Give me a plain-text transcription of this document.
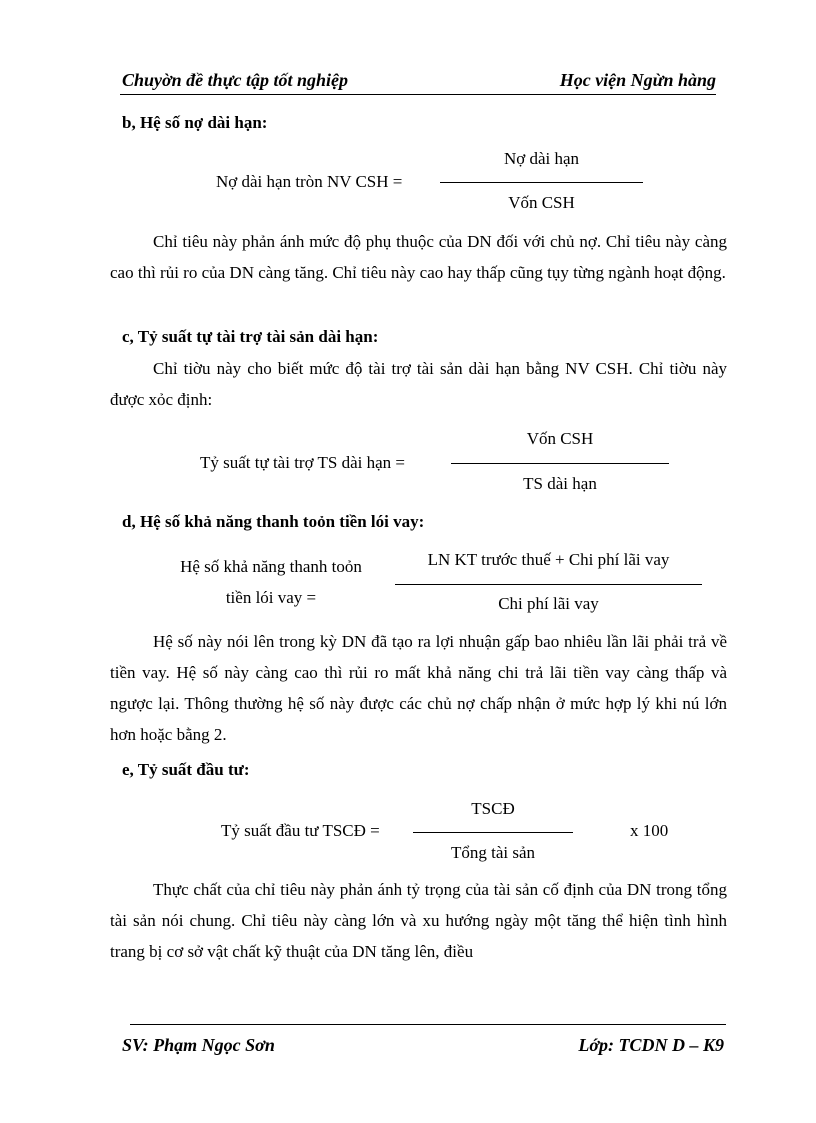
Chuyờn đề thực tập tốt nghiệp	Học viện Ngừn hàng
b, Hệ số nợ dài hạn:
Nợ dài hạn tròn NV CSH =
Nợ dài hạn
Vốn CSH

Chỉ tiêu này phản ánh mức độ phụ thuộc của DN đối với chủ nợ. Chỉ tiêu này càng cao thì rủi ro của DN càng tăng. Chỉ tiêu này cao hay thấp cũng tụy từng ngành hoạt động.

c, Tỷ suất tự tài trợ tài sản dài hạn:

Chỉ tiờu này cho biết mức độ tài trợ tài sản dài hạn bằng NV CSH. Chỉ tiờu này được xỏc định:

Tỷ suất tự tài trợ TS dài hạn =
Vốn CSH
TS dài hạn
d, Hệ số khả năng thanh toỏn tiền lói vay:
Hệ số khả năng thanh toỏn
tiền lói vay =
LN KT trước thuế + Chi phí lãi vay
Chi phí lãi vay

Hệ số này nói lên trong kỳ DN đã tạo ra lợi nhuận gấp bao nhiêu lần lãi phải trả về tiền vay. Hệ số này càng cao thì rủi ro mất khả năng chi trả lãi tiền vay càng thấp và ngược lại. Thông thường hệ số này được các chủ nợ chấp nhận ở mức hợp lý khi nú lớn hơn hoặc bằng 2.

e, Tỷ suất đầu tư:
Tỷ suất đầu tư TSCĐ =
TSCĐ
Tổng tài sản
x 100

Thực chất của chỉ tiêu này phản ánh tỷ trọng của tài sản cố định của DN trong tổng tài sản nói chung. Chỉ tiêu này càng lớn và xu hướng ngày một tăng thể hiện tình hình trang bị cơ sở vật chất kỹ thuật của DN tăng lên, điều

SV: Phạm Ngọc Sơn	Lớp: TCDN D – K9
